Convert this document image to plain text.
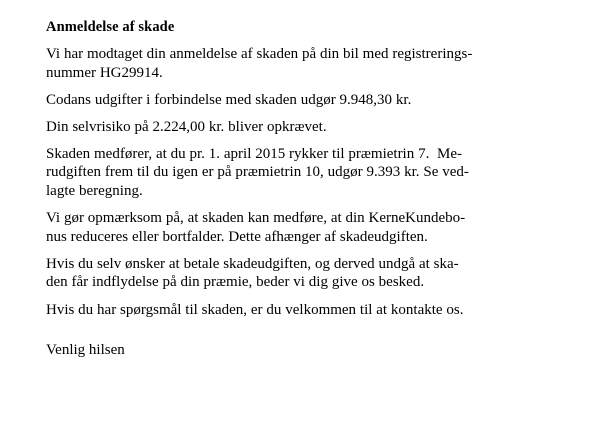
Anmeldelse af skade

Vi har modtaget din anmeldelse af skaden på din bil med registrerings-
nummer HG29914.

Codans udgifter i forbindelse med skaden udgør 9.948,30 kr.

Din selvrisiko på 2.224,00 kr. bliver opkrævet.

Skaden medfører, at du pr. 1. april 2015 rykker til præmietrin 7.  Me-
rudgiften frem til du igen er på præmietrin 10, udgør 9.393 kr. Se ved-
lagte beregning.

Vi gør opmærksom på, at skaden kan medføre, at din KerneKundebo-
nus reduceres eller bortfalder. Dette afhænger af skadeudgiften.

Hvis du selv ønsker at betale skadeudgiften, og derved undgå at ska-
den får indflydelse på din præmie, beder vi dig give os besked.

Hvis du har spørgsmål til skaden, er du velkommen til at kontakte os.

Venlig hilsen
